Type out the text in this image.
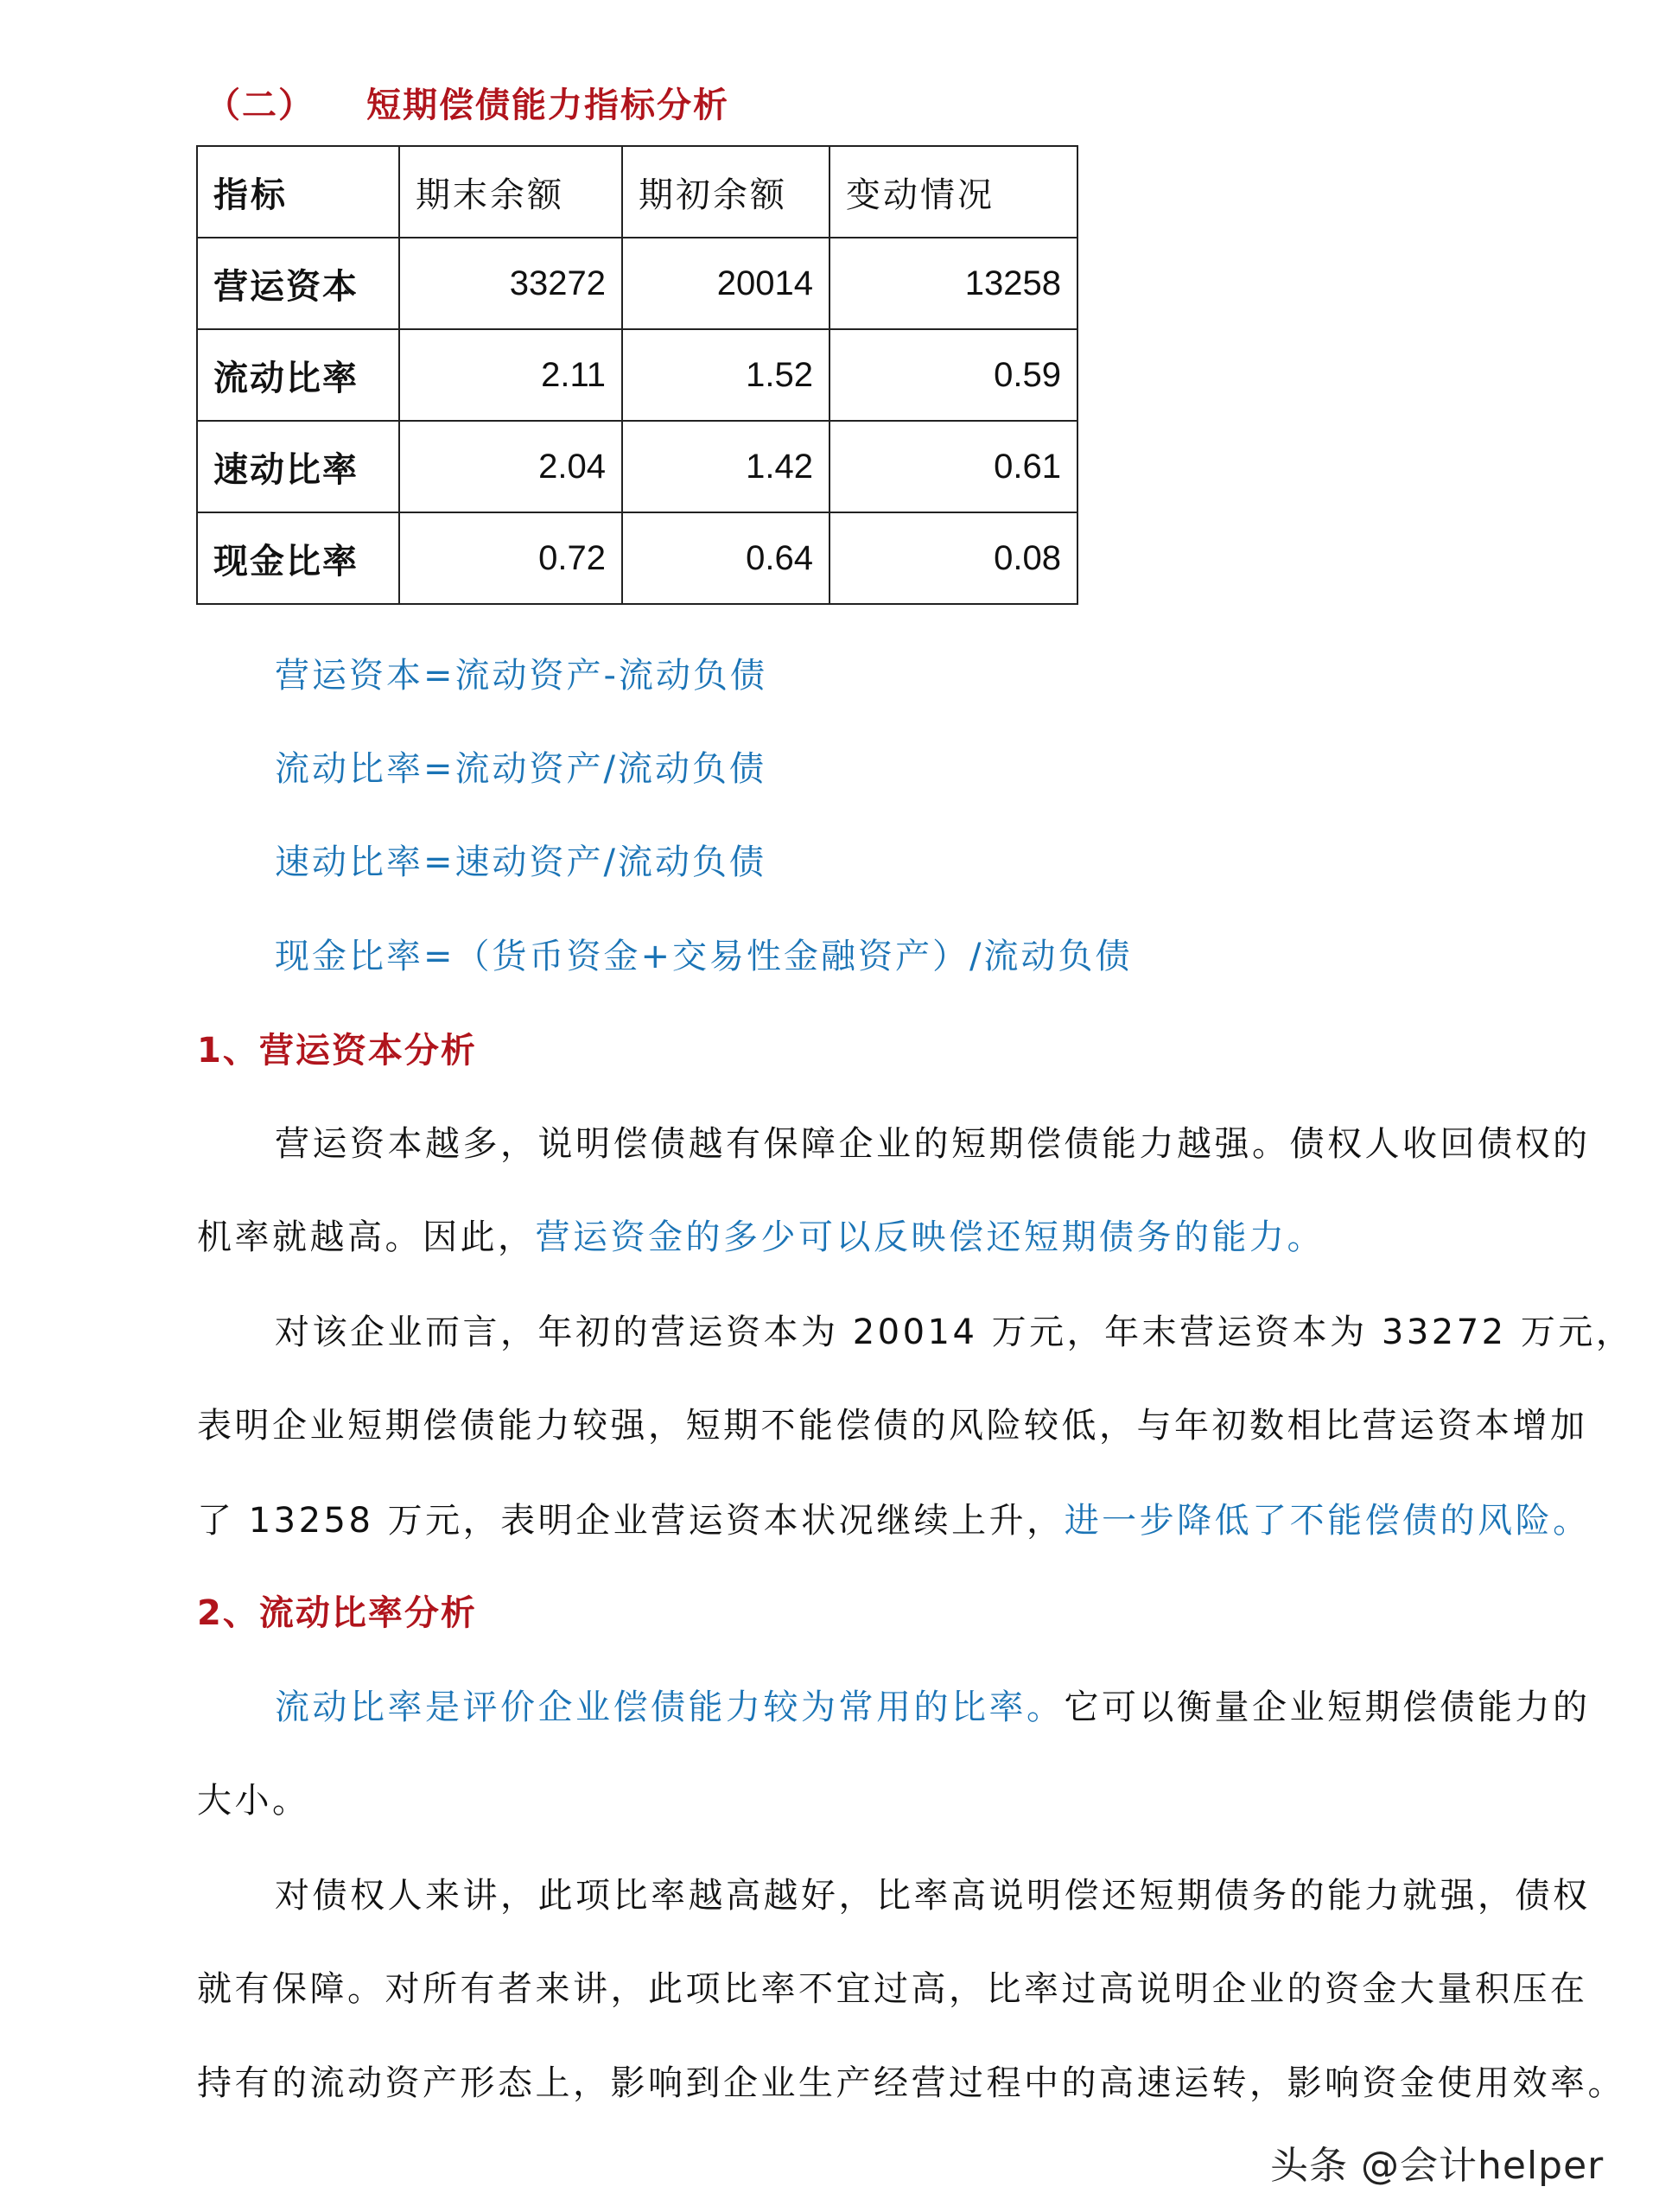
（二） 短期偿债能力指标分析
指标	期末余额	期初余额	变动情况
营运资本	33272	20014	13258
流动比率	2.11	1.52	0.59
速动比率	2.04	1.42	0.61
现金比率	0.72	0.64	0.08
营运资本=流动资产-流动负债
流动比率=流动资产/流动负债
速动比率=速动资产/流动负债
现金比率=（货币资金+交易性金融资产）/流动负债
1、营运资本分析
营运资本越多，说明偿债越有保障企业的短期偿债能力越强。债权人收回债权的
机率就越高。因此，营运资金的多少可以反映偿还短期债务的能力。
对该企业而言，年初的营运资本为 20014 万元，年末营运资本为 33272 万元，
表明企业短期偿债能力较强，短期不能偿债的风险较低，与年初数相比营运资本增加
了 13258 万元，表明企业营运资本状况继续上升，进一步降低了不能偿债的风险。
2、流动比率分析
流动比率是评价企业偿债能力较为常用的比率。它可以衡量企业短期偿债能力的
大小。
对债权人来讲，此项比率越高越好，比率高说明偿还短期债务的能力就强，债权
就有保障。对所有者来讲，此项比率不宜过高，比率过高说明企业的资金大量积压在
持有的流动资产形态上，影响到企业生产经营过程中的高速运转，影响资金使用效率。
头条 @会计helper
